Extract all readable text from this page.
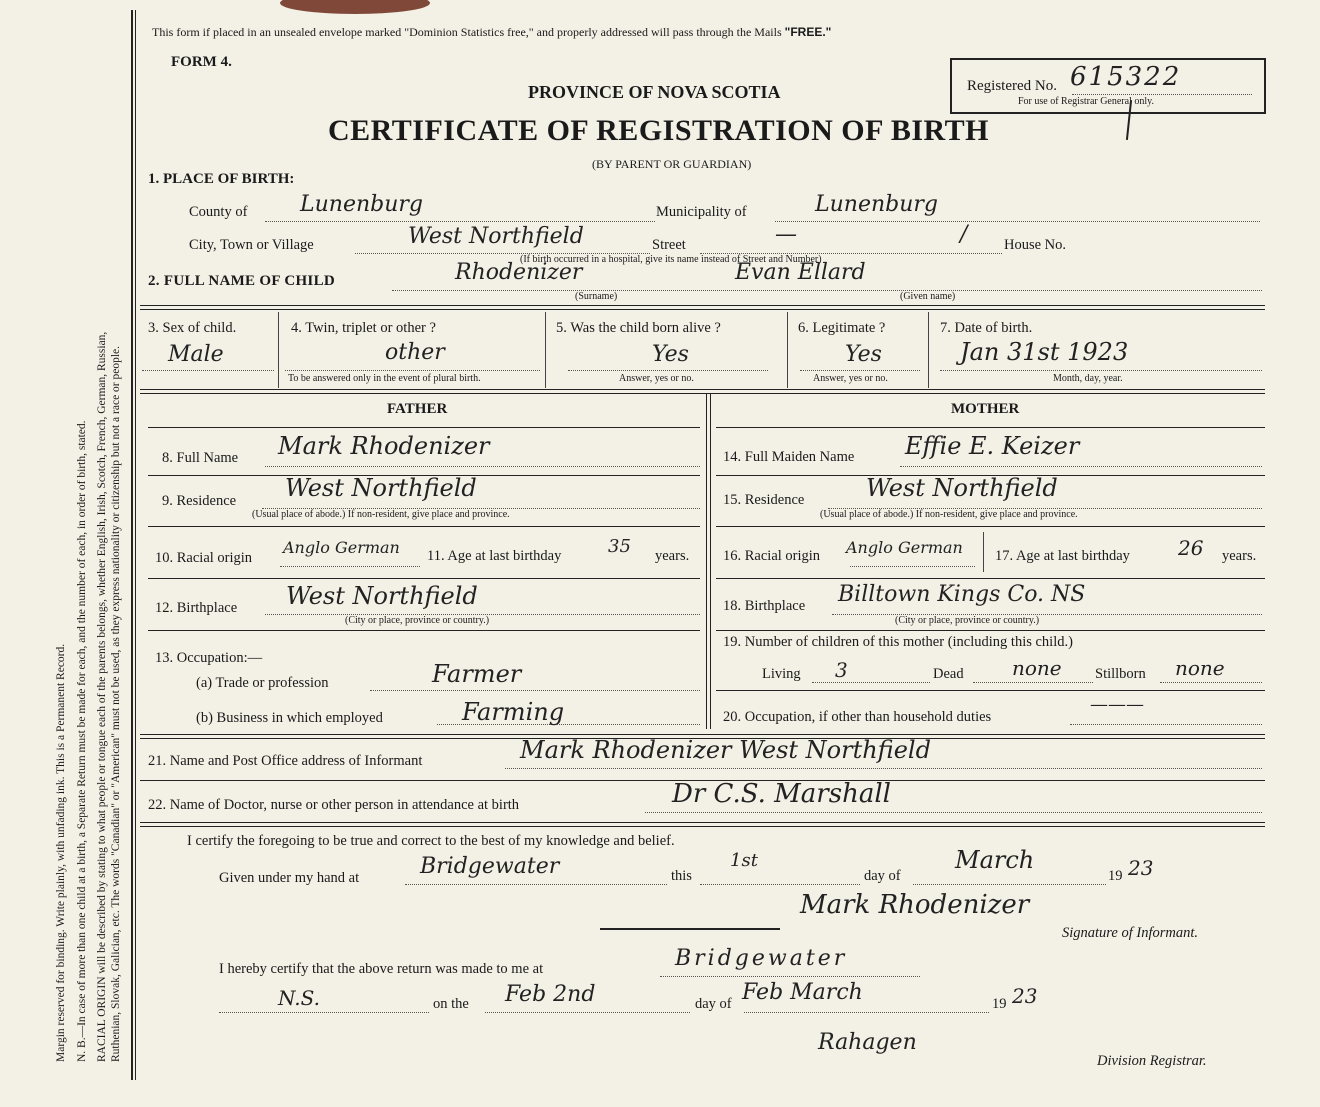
Margin reserved for binding. Write plainly, with unfading ink. This is a Permanent Record. N. B.—In case of more than one child at a birth, a Separate Return must be made for each, and the number of each, in order of birth, stated. RACIAL ORIGIN will be described by stating to what people or tongue each of the parents belongs, whether English, Irish, Scotch, French, German, Russian, Ruthenian, Slovak, Galician, etc. The words "Canadian" or "American" must not be used, as they express nationality or citizenship but not a race or people.
This form if placed in an unsealed envelope marked "Dominion Statistics free," and properly addressed will pass through the Mails "FREE."
FORM 4.
PROVINCE OF NOVA SCOTIA
CERTIFICATE OF REGISTRATION OF BIRTH
(BY PARENT OR GUARDIAN)
Registered No. 615322
For use of Registrar General only.
1. PLACE OF BIRTH:
County of Lunenburg	Municipality of	Lunenburg
City, Town or Village	West Northfield
(If birth occurred in a hospital, give its name instead of Street and Number)
Street	—	/	House No.
2. FULL NAME OF CHILD	Rhodenizer	Evan Ellard
(Surname)	(Given name)
3. Sex of child.
Male
4. Twin, triplet or other ?
other
To be answered only in the event of plural birth.
5. Was the child born alive ?
Yes
Answer, yes or no.
6. Legitimate ?
Yes
Answer, yes or no.
7. Date of birth.
Jan 31st 1923
Month, day, year.
FATHER	MOTHER
8. Full Name Mark Rhodenizer
9. Residence West Northfield
(Usual place of abode.) If non-resident, give place and province.
10. Racial origin
Anglo German 11. Age at last birthday	35 years.
12. Birthplace West Northfield
(City or place, province or country.)
13. Occupation:—
(a) Trade or profession	Farmer
(b) Business in which employed	Farming
14. Full Maiden Name Effie E. Keizer
15. Residence	West Northfield
(Usual place of abode.) If non-resident, give place and province.
16. Racial origin Anglo German 17. Age at last birthday 26 years.
18. Birthplace Billtown Kings Co. NS
(City or place, province or country.)
19. Number of children of this mother (including this child.)
Living 3	Dead none Stillborn none
20. Occupation, if other than household duties
———
21. Name and Post Office address of Informant	Mark Rhodenizer West Northfield
22. Name of Doctor, nurse or other person in attendance at birth	Dr C.S. Marshall
I certify the foregoing to be true and correct to the best of my knowledge and belief.
Given under my hand at	Bridgewater	this
1st
day of
March
19 23
Mark Rhodenizer
Signature of Informant.
I hereby certify that the above return was made to me at	Bridgewater
N.S.	on the Feb 2nd	day of Feb March	19 23
Rahagen
Division Registrar.
